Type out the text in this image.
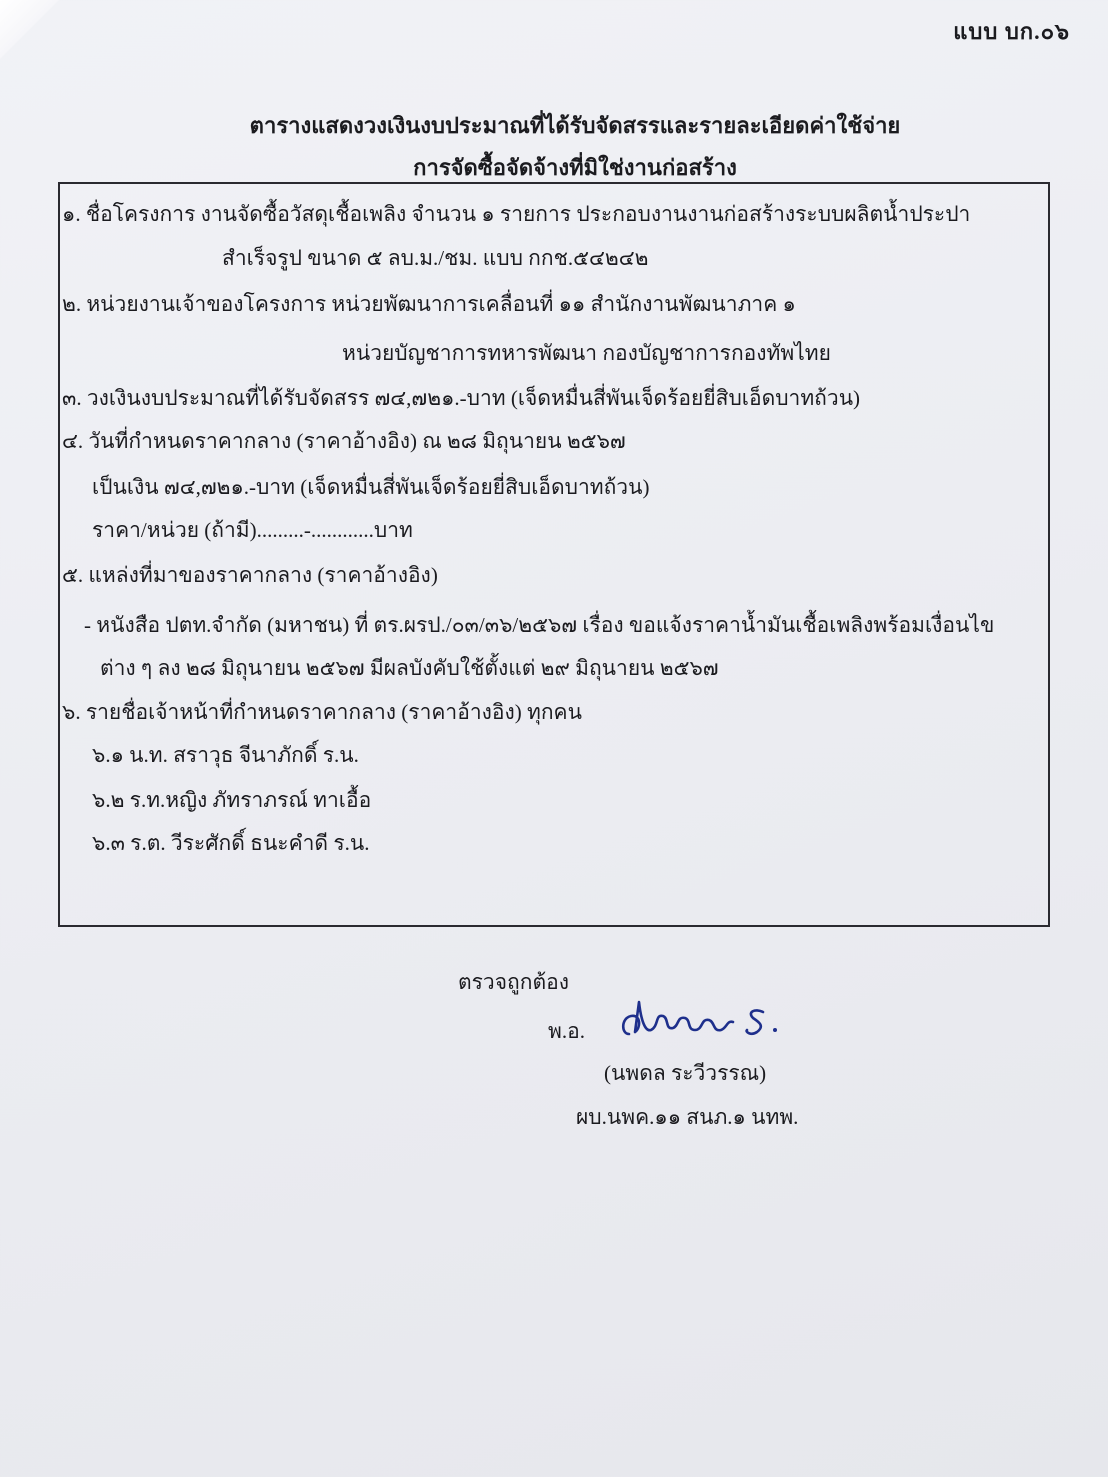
แบบ บก.๐๖
ตารางแสดงวงเงินงบประมาณที่ได้รับจัดสรรและรายละเอียดค่าใช้จ่าย
การจัดซื้อจัดจ้างที่มิใช่งานก่อสร้าง
๑. ชื่อโครงการ งานจัดซื้อวัสดุเชื้อเพลิง จำนวน ๑ รายการ ประกอบงานงานก่อสร้างระบบผลิตน้ำประปา
สำเร็จรูป ขนาด ๕ ลบ.ม./ชม. แบบ กกช.๕๔๒๔๒
๒. หน่วยงานเจ้าของโครงการ หน่วยพัฒนาการเคลื่อนที่ ๑๑ สำนักงานพัฒนาภาค ๑
หน่วยบัญชาการทหารพัฒนา กองบัญชาการกองทัพไทย
๓. วงเงินงบประมาณที่ได้รับจัดสรร ๗๔,๗๒๑.-บาท (เจ็ดหมื่นสี่พันเจ็ดร้อยยี่สิบเอ็ดบาทถ้วน)
๔. วันที่กำหนดราคากลาง (ราคาอ้างอิง) ณ ๒๘ มิถุนายน ๒๕๖๗
เป็นเงิน ๗๔,๗๒๑.-บาท (เจ็ดหมื่นสี่พันเจ็ดร้อยยี่สิบเอ็ดบาทถ้วน)
ราคา/หน่วย (ถ้ามี).........-............บาท
๕. แหล่งที่มาของราคากลาง (ราคาอ้างอิง)
- หนังสือ ปตท.จำกัด (มหาชน) ที่ ตร.ผรป./๐๓/๓๖/๒๕๖๗ เรื่อง ขอแจ้งราคาน้ำมันเชื้อเพลิงพร้อมเงื่อนไข
ต่าง ๆ ลง ๒๘ มิถุนายน ๒๕๖๗ มีผลบังคับใช้ตั้งแต่ ๒๙ มิถุนายน ๒๕๖๗
๖. รายชื่อเจ้าหน้าที่กำหนดราคากลาง (ราคาอ้างอิง) ทุกคน
๖.๑ น.ท. สราวุธ จีนาภักดิ์ ร.น.
๖.๒ ร.ท.หญิง ภัทราภรณ์ ทาเอื้อ
๖.๓ ร.ต. วีระศักดิ์ ธนะคำดี ร.น.
ตรวจถูกต้อง
พ.อ.
(นพดล ระวีวรรณ)
ผบ.นพค.๑๑ สนภ.๑ นทพ.
